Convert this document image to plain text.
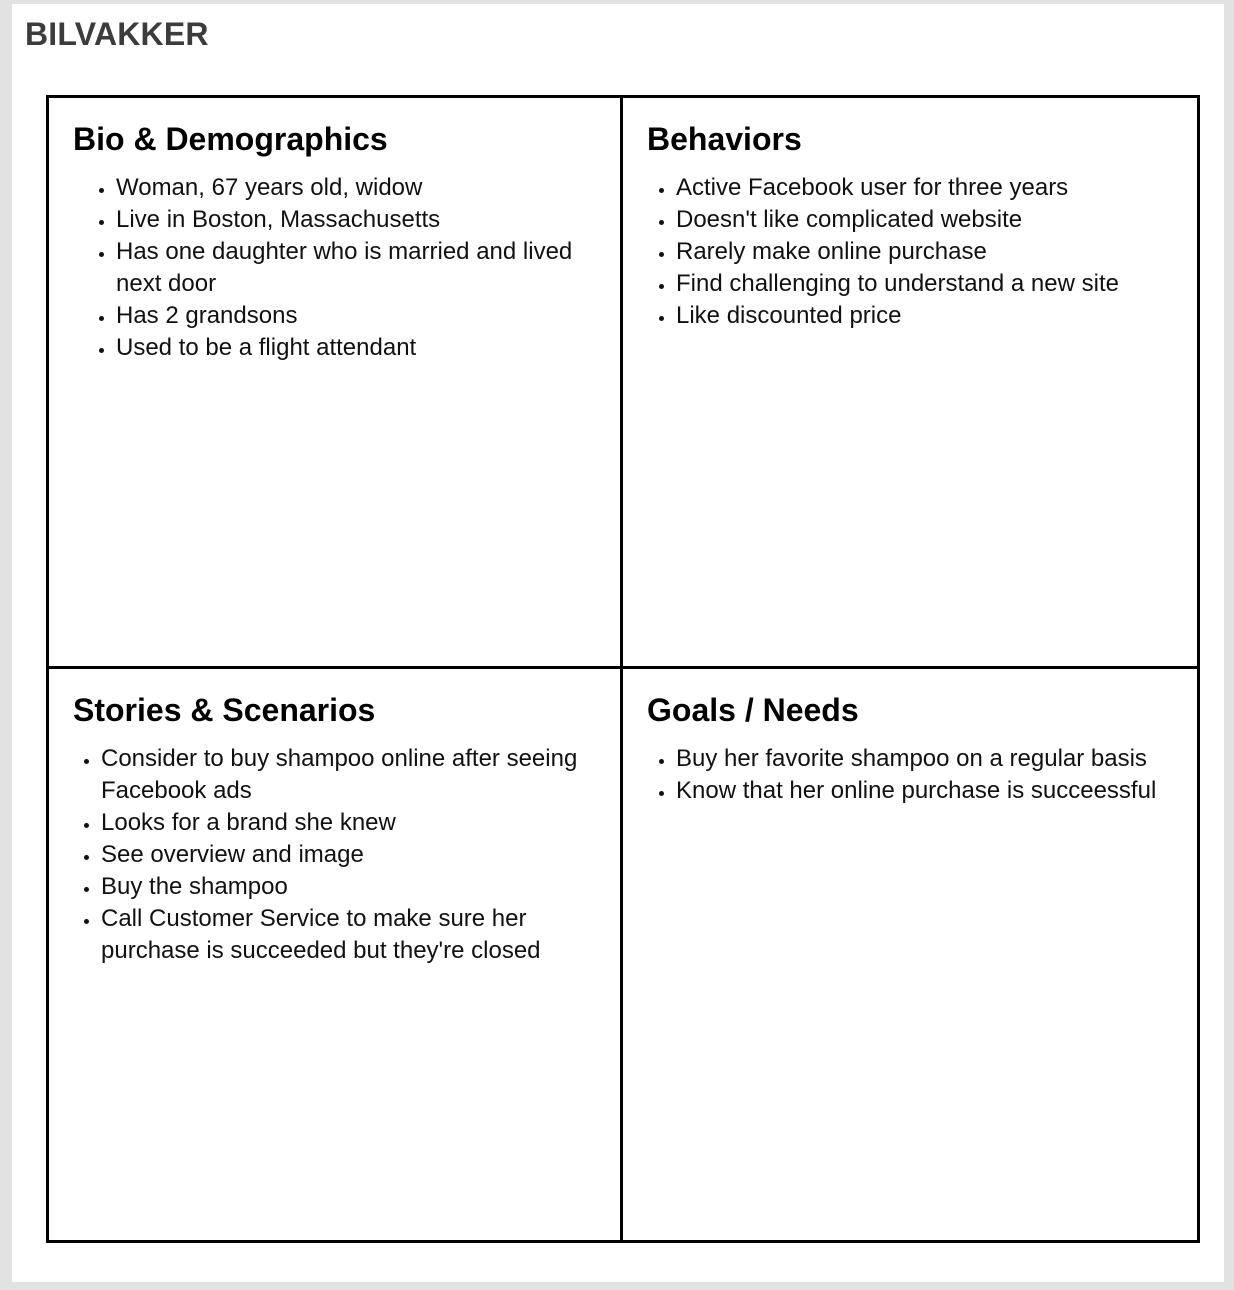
BILVAKKER
Bio & Demographics
• Woman, 67 years old, widow
• Live in Boston, Massachusetts
• Has one daughter who is married and lived next door
• Has 2 grandsons
• Used to be a flight attendant
Behaviors
• Active Facebook user for three years
• Doesn't like complicated website
• Rarely make online purchase
• Find challenging to understand a new site
• Like discounted price
Stories & Scenarios
• Consider to buy shampoo online after seeing Facebook ads
• Looks for a brand she knew
• See overview and image
• Buy the shampoo
• Call Customer Service to make sure her purchase is succeeded but they're closed
Goals / Needs
• Buy her favorite shampoo on a regular basis
• Know that her online purchase is succeessful
